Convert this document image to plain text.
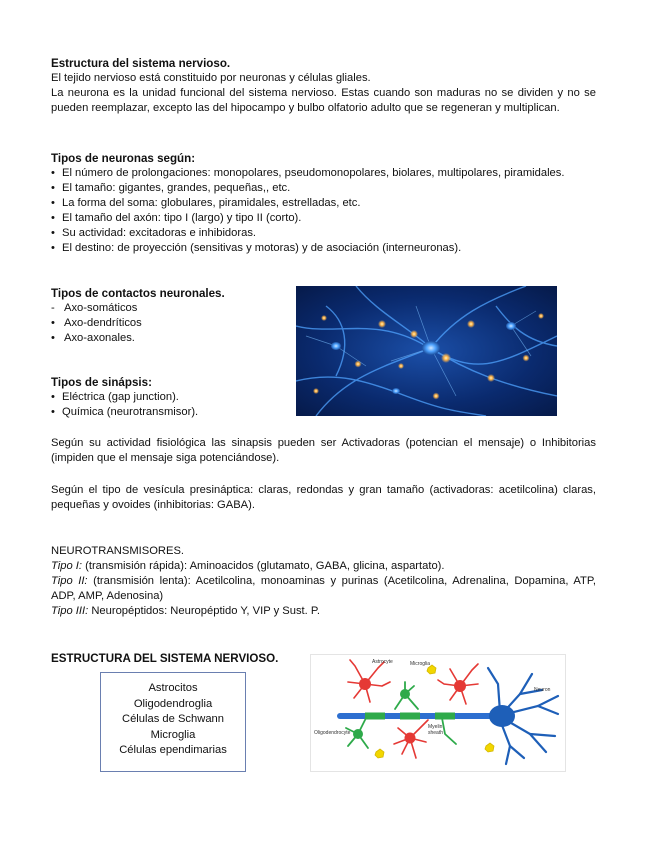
Estructura del sistema nervioso.

El tejido nervioso está constituido por neuronas y células gliales.

La neurona es la unidad funcional del sistema nervioso. Estas cuando son maduras no se dividen y no se pueden reemplazar, excepto las del hipocampo y bulbo olfatorio adulto que se regeneran y multiplican.

Tipos de neuronas según:
• El número de prolongaciones: monopolares, pseudomonopolares, biolares, multipolares, piramidales.
• El tamaño: gigantes, grandes, pequeñas,, etc.
• La forma del soma: globulares, piramidales, estrelladas, etc.
• El tamaño del axón: tipo I (largo) y tipo II (corto).
• Su actividad: excitadoras e inhibidoras.
• El destino: de proyección (sensitivas y motoras) y de asociación (interneuronas).
Tipos de contactos neuronales.
- Axo-somáticos
• Axo-dendríticos
• Axo-axonales.
Tipos de sinápsis:
• Eléctrica (gap junction).
• Química (neurotransmisor).

Según su actividad fisiológica las sinapsis pueden ser Activadoras (potencian el mensaje) o Inhibitorias (impiden que el mensaje siga potenciándose).

Según el tipo de vesícula presináptica: claras, redondas y gran tamaño (activadoras: acetilcolina) claras, pequeñas y ovoides (inhibitorias: GABA).

NEUROTRANSMISORES.

Tipo I: (transmisión rápida): Aminoacidos (glutamato, GABA, glicina, aspartato).

Tipo II: (transmisión lenta): Acetilcolina, monoaminas y purinas (Acetilcolina, Adrenalina, Dopamina, ATP, ADP, AMP, Adenosina)

Tipo III: Neuropéptidos: Neuropéptido Y, VIP y Sust. P.

ESTRUCTURA DEL SISTEMA NERVIOSO.
Astrocitos
Oligodendroglia
Células de Schwann
Microglia
Células ependimarias
Astrocyte	Microglia
Neuron
Oligodendrocyte
Myelin
sheath
